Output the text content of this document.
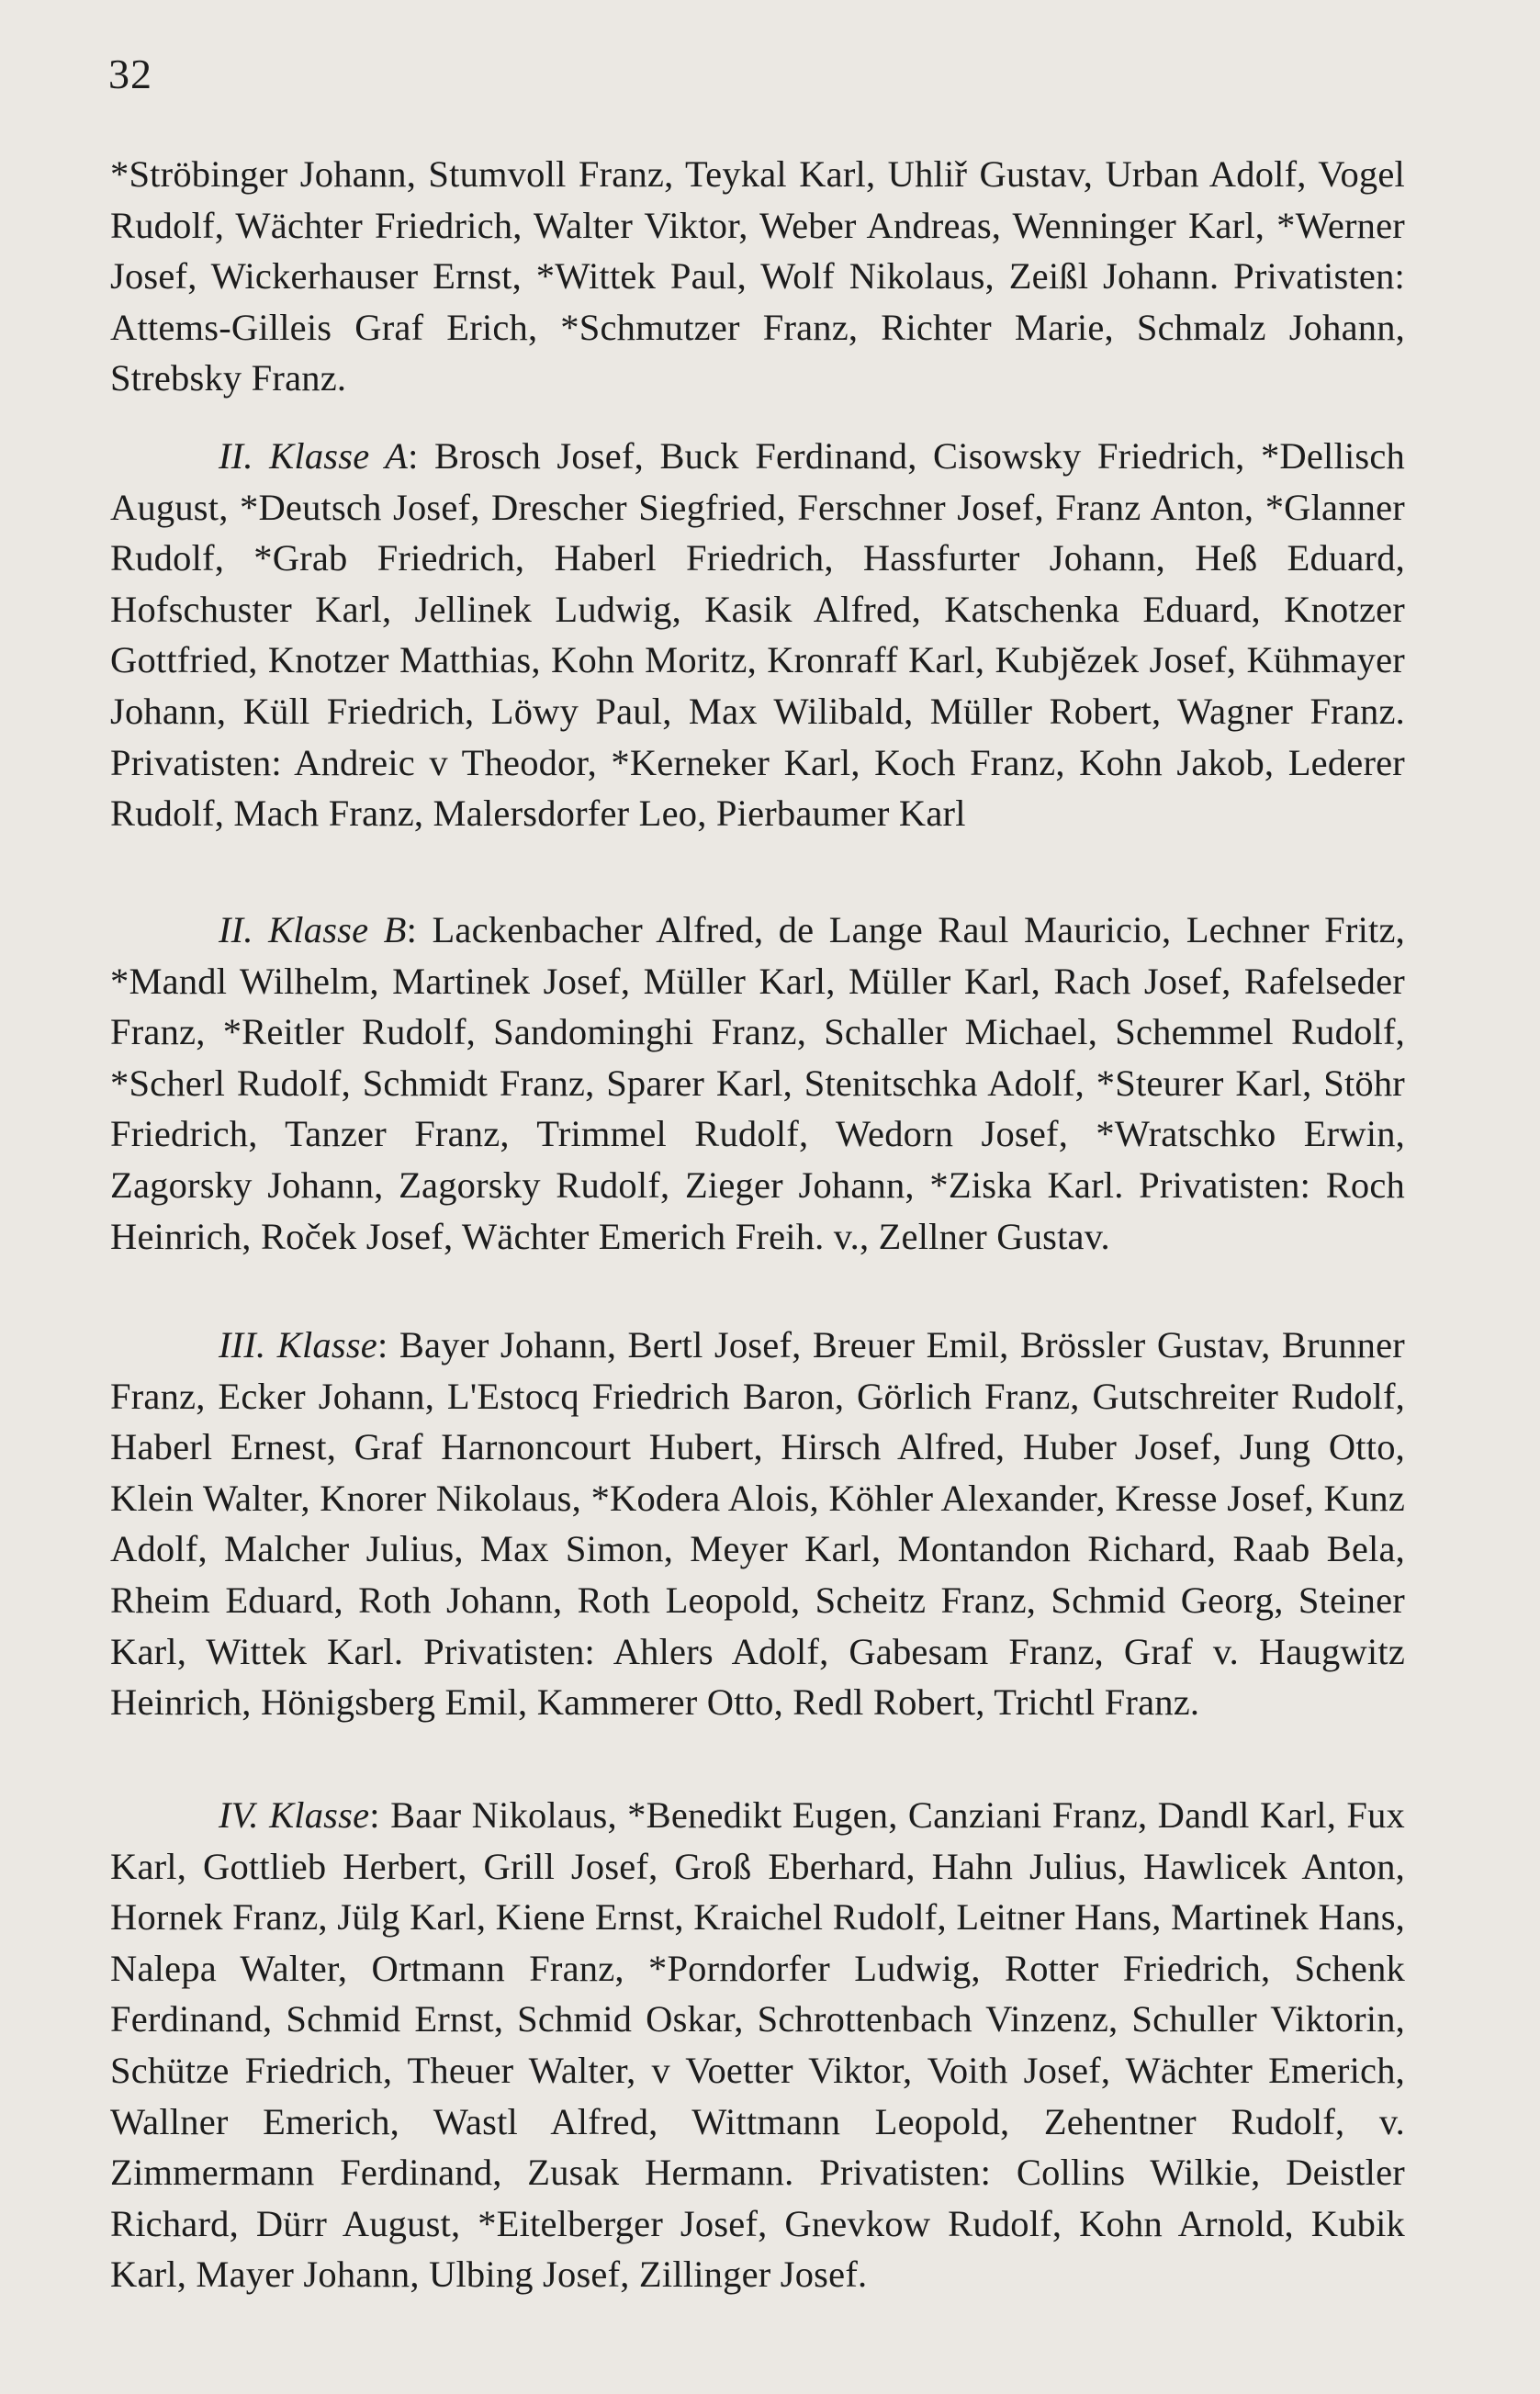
32

*Ströbinger Johann, Stumvoll Franz, Teykal Karl, Uhliř Gustav, Urban Adolf, Vogel Rudolf, Wächter Friedrich, Walter Viktor, Weber Andreas, Wenninger Karl, *Werner Josef, Wickerhauser Ernst, *Wittek Paul, Wolf Nikolaus, Zeißl Johann. Privatisten: Attems-Gilleis Graf Erich, *Schmutzer Franz, Richter Marie, Schmalz Johann, Strebsky Franz.

II. Klasse A: Brosch Josef, Buck Ferdinand, Cisowsky Friedrich, *Dellisch August, *Deutsch Josef, Drescher Siegfried, Ferschner Josef, Franz Anton, *Glanner Rudolf, *Grab Friedrich, Haberl Friedrich, Hassfurter Johann, Heß Eduard, Hofschuster Karl, Jellinek Ludwig, Kasik Alfred, Katschenka Eduard, Knotzer Gottfried, Knotzer Matthias, Kohn Moritz, Kronraff Karl, Kubjĕzek Josef, Kühmayer Johann, Küll Friedrich, Löwy Paul, Max Wilibald, Müller Robert, Wagner Franz. Privatisten: Andreic v Theodor, *Kerneker Karl, Koch Franz, Kohn Jakob, Lederer Rudolf, Mach Franz, Malersdorfer Leo, Pierbaumer Karl

II. Klasse B: Lackenbacher Alfred, de Lange Raul Mauricio, Lechner Fritz, *Mandl Wilhelm, Martinek Josef, Müller Karl, Müller Karl, Rach Josef, Rafelseder Franz, *Reitler Rudolf, Sandominghi Franz, Schaller Michael, Schemmel Rudolf, *Scherl Rudolf, Schmidt Franz, Sparer Karl, Stenitschka Adolf, *Steurer Karl, Stöhr Friedrich, Tanzer Franz, Trimmel Rudolf, Wedorn Josef, *Wratschko Erwin, Zagorsky Johann, Zagorsky Rudolf, Zieger Johann, *Ziska Karl. Privatisten: Roch Heinrich, Roček Josef, Wächter Emerich Freih. v., Zellner Gustav.

III. Klasse: Bayer Johann, Bertl Josef, Breuer Emil, Brössler Gustav, Brunner Franz, Ecker Johann, L'Estocq Friedrich Baron, Görlich Franz, Gutschreiter Rudolf, Haberl Ernest, Graf Harnoncourt Hubert, Hirsch Alfred, Huber Josef, Jung Otto, Klein Walter, Knorer Nikolaus, *Kodera Alois, Köhler Alexander, Kresse Josef, Kunz Adolf, Malcher Julius, Max Simon, Meyer Karl, Montandon Richard, Raab Bela, Rheim Eduard, Roth Johann, Roth Leopold, Scheitz Franz, Schmid Georg, Steiner Karl, Wittek Karl. Privatisten: Ahlers Adolf, Gabesam Franz, Graf v. Haugwitz Heinrich, Hönigsberg Emil, Kammerer Otto, Redl Robert, Trichtl Franz.

IV. Klasse: Baar Nikolaus, *Benedikt Eugen, Canziani Franz, Dandl Karl, Fux Karl, Gottlieb Herbert, Grill Josef, Groß Eberhard, Hahn Julius, Hawlicek Anton, Hornek Franz, Jülg Karl, Kiene Ernst, Kraichel Rudolf, Leitner Hans, Martinek Hans, Nalepa Walter, Ortmann Franz, *Porndorfer Ludwig, Rotter Friedrich, Schenk Ferdinand, Schmid Ernst, Schmid Oskar, Schrottenbach Vinzenz, Schuller Viktorin, Schütze Friedrich, Theuer Walter, v Voetter Viktor, Voith Josef, Wächter Emerich, Wallner Emerich, Wastl Alfred, Wittmann Leopold, Zehentner Rudolf, v. Zimmermann Ferdinand, Zusak Hermann. Privatisten: Collins Wilkie, Deistler Richard, Dürr August, *Eitelberger Josef, Gnevkow Rudolf, Kohn Arnold, Kubik Karl, Mayer Johann, Ulbing Josef, Zillinger Josef.
